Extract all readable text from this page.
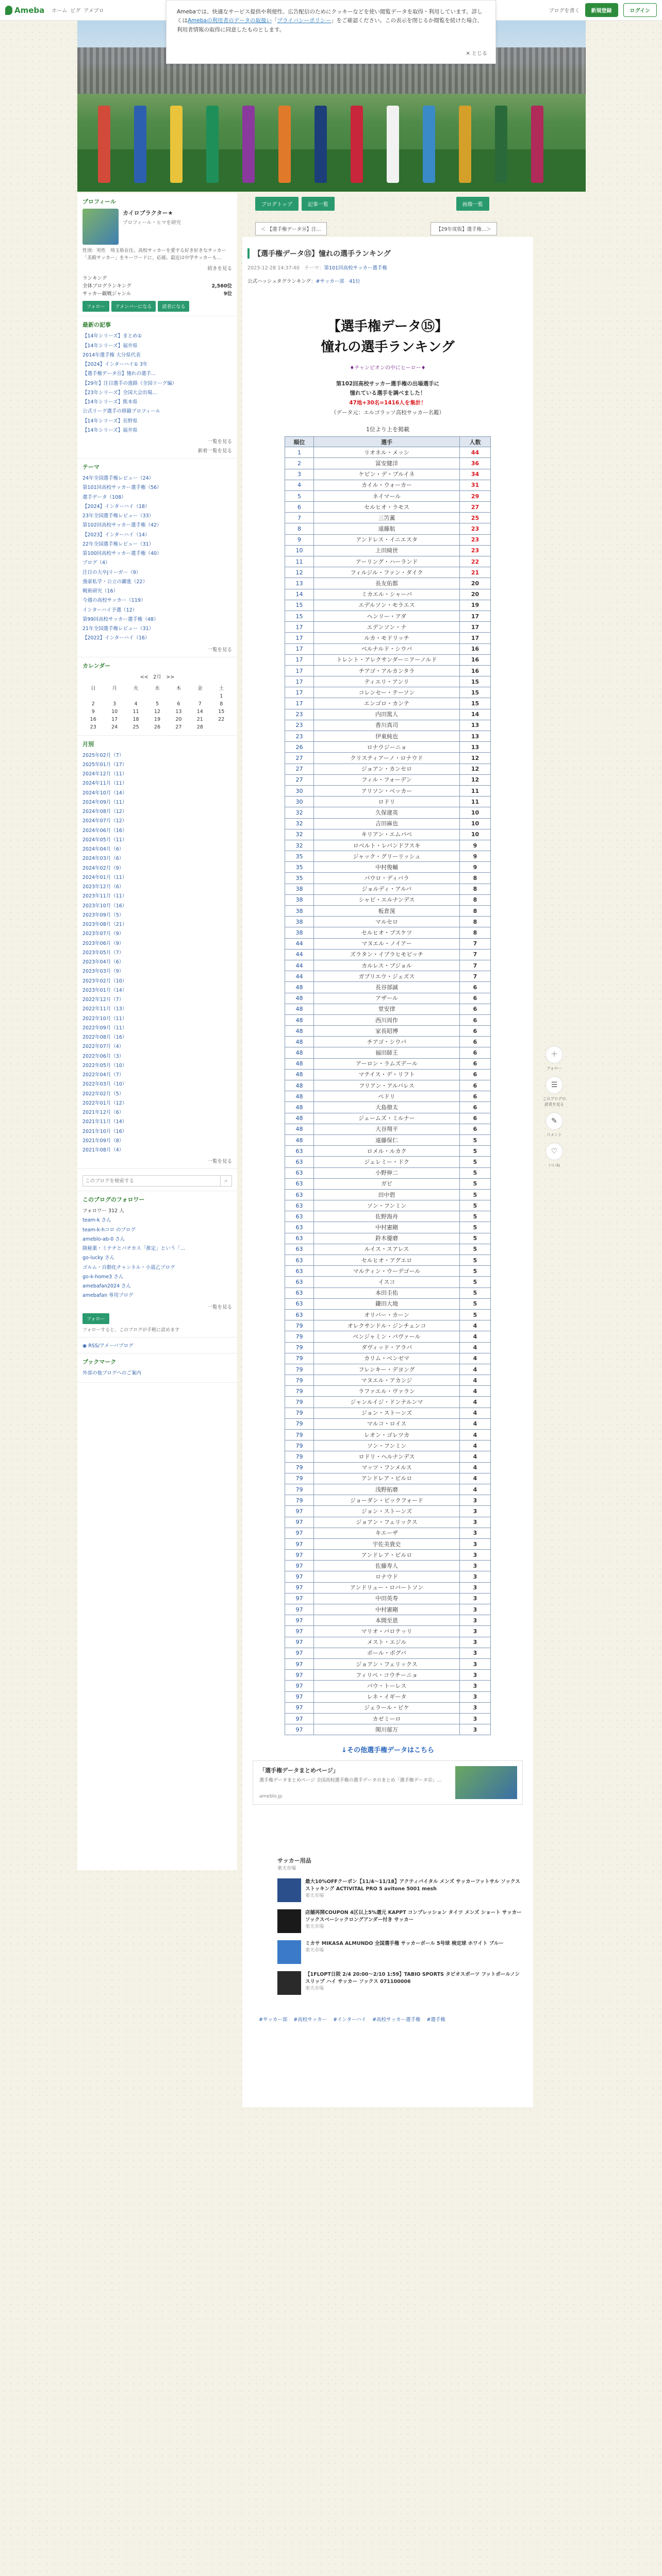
Ameba ホーム ピグ アメブロ	ブログを書く	新規登録	ログイン
Amebaでは、快適なサービス提供や利便性、広告配信のためにクッキーなどを使い閲覧データを取得・利用しています。詳しくはAmebaの利用者のデータの取扱い「プライバシーポリシー」をご確認ください。この表示を閉じるか閲覧を続けた場合、利用者情報の取得に同意したものとします。
✕ とじる
ブログトップ	記事一覧	画像一覧
＜ 【選手権データ⑭】注...	【29年度版】選手権...＞
プロフィール
カイロプラクター★
プロフィール・ヒマを研究
性別：男性　埼玉県在住。高校サッカーを愛する好き好きなサッカー「美殿サッカー」をキーワードに、応援。最近は中学サッカーも...
続きを見る
ランキング
全体ブログランキング	2,560位
サッカー観戦ジャンル	9位
フォロー	アメンバーになる	読者になる
最新の記事
【14年シリーズ】まとめ①
【14年シリーズ】福井県
2014年選手権 大分県代表
【2024】インターハイ① 3年
【選手権データ⑮】憧れの選手...
【29年】注目選手の進路（全国リーグ編）
【23年シリーズ】全国大会出場...
【14年シリーズ】熊本県
公式リーグ選手の移籍プロフィール
【14年シリーズ】長野県
【14年シリーズ】福井県
一覧を見る
新着一覧を見る
テーマ
24年全国選手権レビュー（24）
第101回高校サッカー選手権（56）
選手データ（108）
【2024】インターハイ（18）
23年全国選手権レビュー（33）
第102回高校サッカー選手権（42）
【2023】インターハイ（14）
22年全国選手権レビュー（31）
第100回高校サッカー選手権（40）
ブログ（4）
注目の大卒Jリーガー（9）
強豪私学・公立の躍進（22）
戦術研究（16）
今週の高校サッカー（119）
インターハイ予選（12）
第99回高校サッカー選手権（48）
21年全国選手権レビュー（31）
【2022】インターハイ（16）
一覧を見る
カレンダー
<<　2月　>>
日	月	火	水	木	金	土
						1
2	3	4	5	6	7	8
9	10	11	12	13	14	15
16	17	18	19	20	21	22
23	24	25	26	27	28	
月別
2025年02月（7）
2025年01月（17）
2024年12月（11）
2024年11月（11）
2024年10月（14）
2024年09月（11）
2024年08月（12）
2024年07月（12）
2024年06月（16）
2024年05月（11）
2024年04月（6）
2024年03月（6）
2024年02月（9）
2024年01月（11）
2023年12月（6）
2023年11月（11）
2023年10月（16）
2023年09月（5）
2023年08月（21）
2023年07月（9）
2023年06月（9）
2023年05月（7）
2023年04月（6）
2023年03月（9）
2023年02月（10）
2023年01月（14）
2022年12月（7）
2022年11月（13）
2022年10月（11）
2022年09月（11）
2022年08月（16）
2022年07月（4）
2022年06月（3）
2022年05月（10）
2022年04月（7）
2022年03月（10）
2022年02月（5）
2022年01月（12）
2021年12月（6）
2021年11月（14）
2021年10月（16）
2021年09月（8）
2021年08月（4）
一覧を見る
このブログを検索する
⌕
このブログのフォロワー
フォロワー 312 人
team-k さん
team-k-hコロ のブログ
ameblo-ab-0 さん
険秘薬・ミテチとパチカス「推定」という「...
go-lucky さん
ゴルム・自動化チャンネル・小道乙ブログ
go-k-home3 さん
amebafan2024 さん
amebafan 専用ブログ
一覧を見る
フォロー
フォローすると、このブログが手軽に読めます
◉ RSS/アメーバブログ
ブックマーク
外部の他ブログへのご案内
【選手権データ⑮】憧れの選手ランキング
2023-12-28 14:37:40　 テーマ：第101回高校サッカー選手権
公式ハッシュタグランキング：#サッカー部　41位
【選手権データ⑮】
憧れの選手ランキング
♦チャンピオンの中にヒーロー♦
第102回高校サッカー選手権の出場選手に
憧れている選手を調べました！
47地+30名=1416人を集計！
（データ元：エルゴラッソ高校サッカー名鑑）
1位より上を掲載
順位	選手	人数
1	リオネル・メッシ	44
2	冨安健洋	36
3	ケビン・デ・ブルイネ	34
4	カイル・ウォーカー	31
5	ネイマール	29
6	セルヒオ・ラモス	27
7	三笘薫	25
8	遠藤航	23
9	アンドレス・イニエスタ	23
10	上田綺世	23
11	アーリング・ハーランド	22
12	フィルジル・ファン・ダイク	21
13	長友佑都	20
14	ミカエル・シャーバ	20
15	エデルソン・モラエス	19
15	ヘンリー・アダ	17
17	エデンソン・ナ	17
17	ルカ・モドリッチ	17
17	ベルナルド・シウバ	16
17	トレント・アレクサンダー＝アーノルド	16
17	チアゴ・アルカンタラ	16
17	ティエリ・アンリ	15
17	コレンセー・テーソン	15
17	エンゴロ・カンテ	15
23	内田篤人	14
23	香川真司	13
23	伊東純也	13
26	ロナウジーニョ	13
27	クリスティアーノ・ロナウド	12
27	ジョアン・カンセロ	12
27	フィル・フォーデン	12
30	アリソン・ベッカー	11
30	ロドリ	11
32	久保建英	10
32	吉田麻也	10
32	キリアン・エムバペ	10
32	ロベルト・レバンドフスキ	9
35	ジャック・グリーリッシュ	9
35	中村俊輔	9
35	パウロ・ディバラ	8
38	ジョルディ・アルバ	8
38	シャビ・エルナンデス	8
38	板倉滉	8
38	マルセロ	8
38	セルヒオ・ブスケツ	8
44	マヌエル・ノイアー	7
44	ズラタン・イブラヒモビッチ	7
44	カルレス・プジョル	7
44	ガブリエウ・ジェズス	7
48	長谷部誠	6
48	アザール	6
48	堂安律	6
48	西川周作	6
48	家長昭博	6
48	チアゴ・シウバ	6
48	福田師王	6
48	アーロン・ラムズデール	6
48	マテイス・デ・リフト	6
48	フリアン・アルバレス	6
48	ペドリ	6
48	大島僚太	6
48	ジェームズ・ミルナー	6
48	大谷翔平	6
48	遠藤保仁	5
63	ロメル・ルカク	5
63	ジェレミー・ドク	5
63	小野伸二	5
63	ガビ	5
63	田中碧	5
63	ソン・フンミン	5
63	佐野海舟	5
63	中村憲剛	5
63	鈴木優磨	5
63	ルイス・スアレス	5
63	セルヒオ・アグエロ	5
63	マルティン・ウーデゴール	5
63	イスコ	5
63	本田圭佑	5
63	鎌田大地	5
63	オリバー・カーン	5
79	オレクサンドル・ジンチェンコ	4
79	ベンジャミン・パヴァール	4
79	ダヴィッド・アラバ	4
79	カリム・ベンゼマ	4
79	フレンキー・デヨング	4
79	マヌエル・アカンジ	4
79	ラファエル・ヴァラン	4
79	ジャンルイジ・ドンナルンマ	4
79	ジョン・ストーンズ	4
79	マルコ・ロイス	4
79	レオン・ゴレツカ	4
79	ソン・フンミン	4
79	ロドリ・ヘルナンデス	4
79	マッツ・フンメルス	4
79	アンドレア・ピルロ	4
79	浅野拓磨	4
79	ジョーダン・ピックフォード	3
97	ジョン・ストーンズ	3
97	ジョアン・フェリックス	3
97	キエーザ	3
97	宇佐美貴史	3
97	アンドレア・ピルロ	3
97	佐藤寿人	3
97	ロナウド	3
97	アンドリュー・ロバートソン	3
97	中田英寿	3
97	中村憲剛	3
97	本間至恩	3
97	マリオ・バロテッリ	3
97	メスト・エジル	3
97	ポール・ポグバ	3
97	ジョアン・フェリックス	3
97	フィリペ・コウチーニョ	3
97	パウ・トーレス	3
97	レネ・イギータ	3
97	ジェラール・ピケ	3
97	カゼミーロ	3
97	関川郁万	3
↓その他選手権データはこちら
「選手権データまとめページ」
選手権データまとめページ 全国高校選手権の選手データのまとめ「選手権データ⑫」...
ameblo.jp
サッカー用品
楽天市場
最大10%OFFクーポン【11/4〜11/18】アクティバイタル メンズ サッカーフットサル ソックス ストッキング ACTIVITAL PRO 5 avitone 5001 mesh
楽天市場
店舗再開COUPON 4区以上5%還元 KAPPT コンプレッション タイツ メンズ ショート サッカー ソックスベーシックロングアンダー付き サッカー
楽天市場
ミカサ MIKASA ALMUNDO 全国選手権 サッカーボール 5号球 検定球 ホワイト ブルー
楽天市場
【1FLOPT日限 2/4 20:00〜2/10 1:59】TABIO SPORTS タビオスポーツ フットボールノンスリップ ハイ サッカー ソックス 071100006
楽天市場
#サッカー部 #高校サッカー #インターハイ #高校サッカー選手権 #選手権
＋

フォロー

☰

このブログの読者を見る

✎

コメント

♡

いいね
